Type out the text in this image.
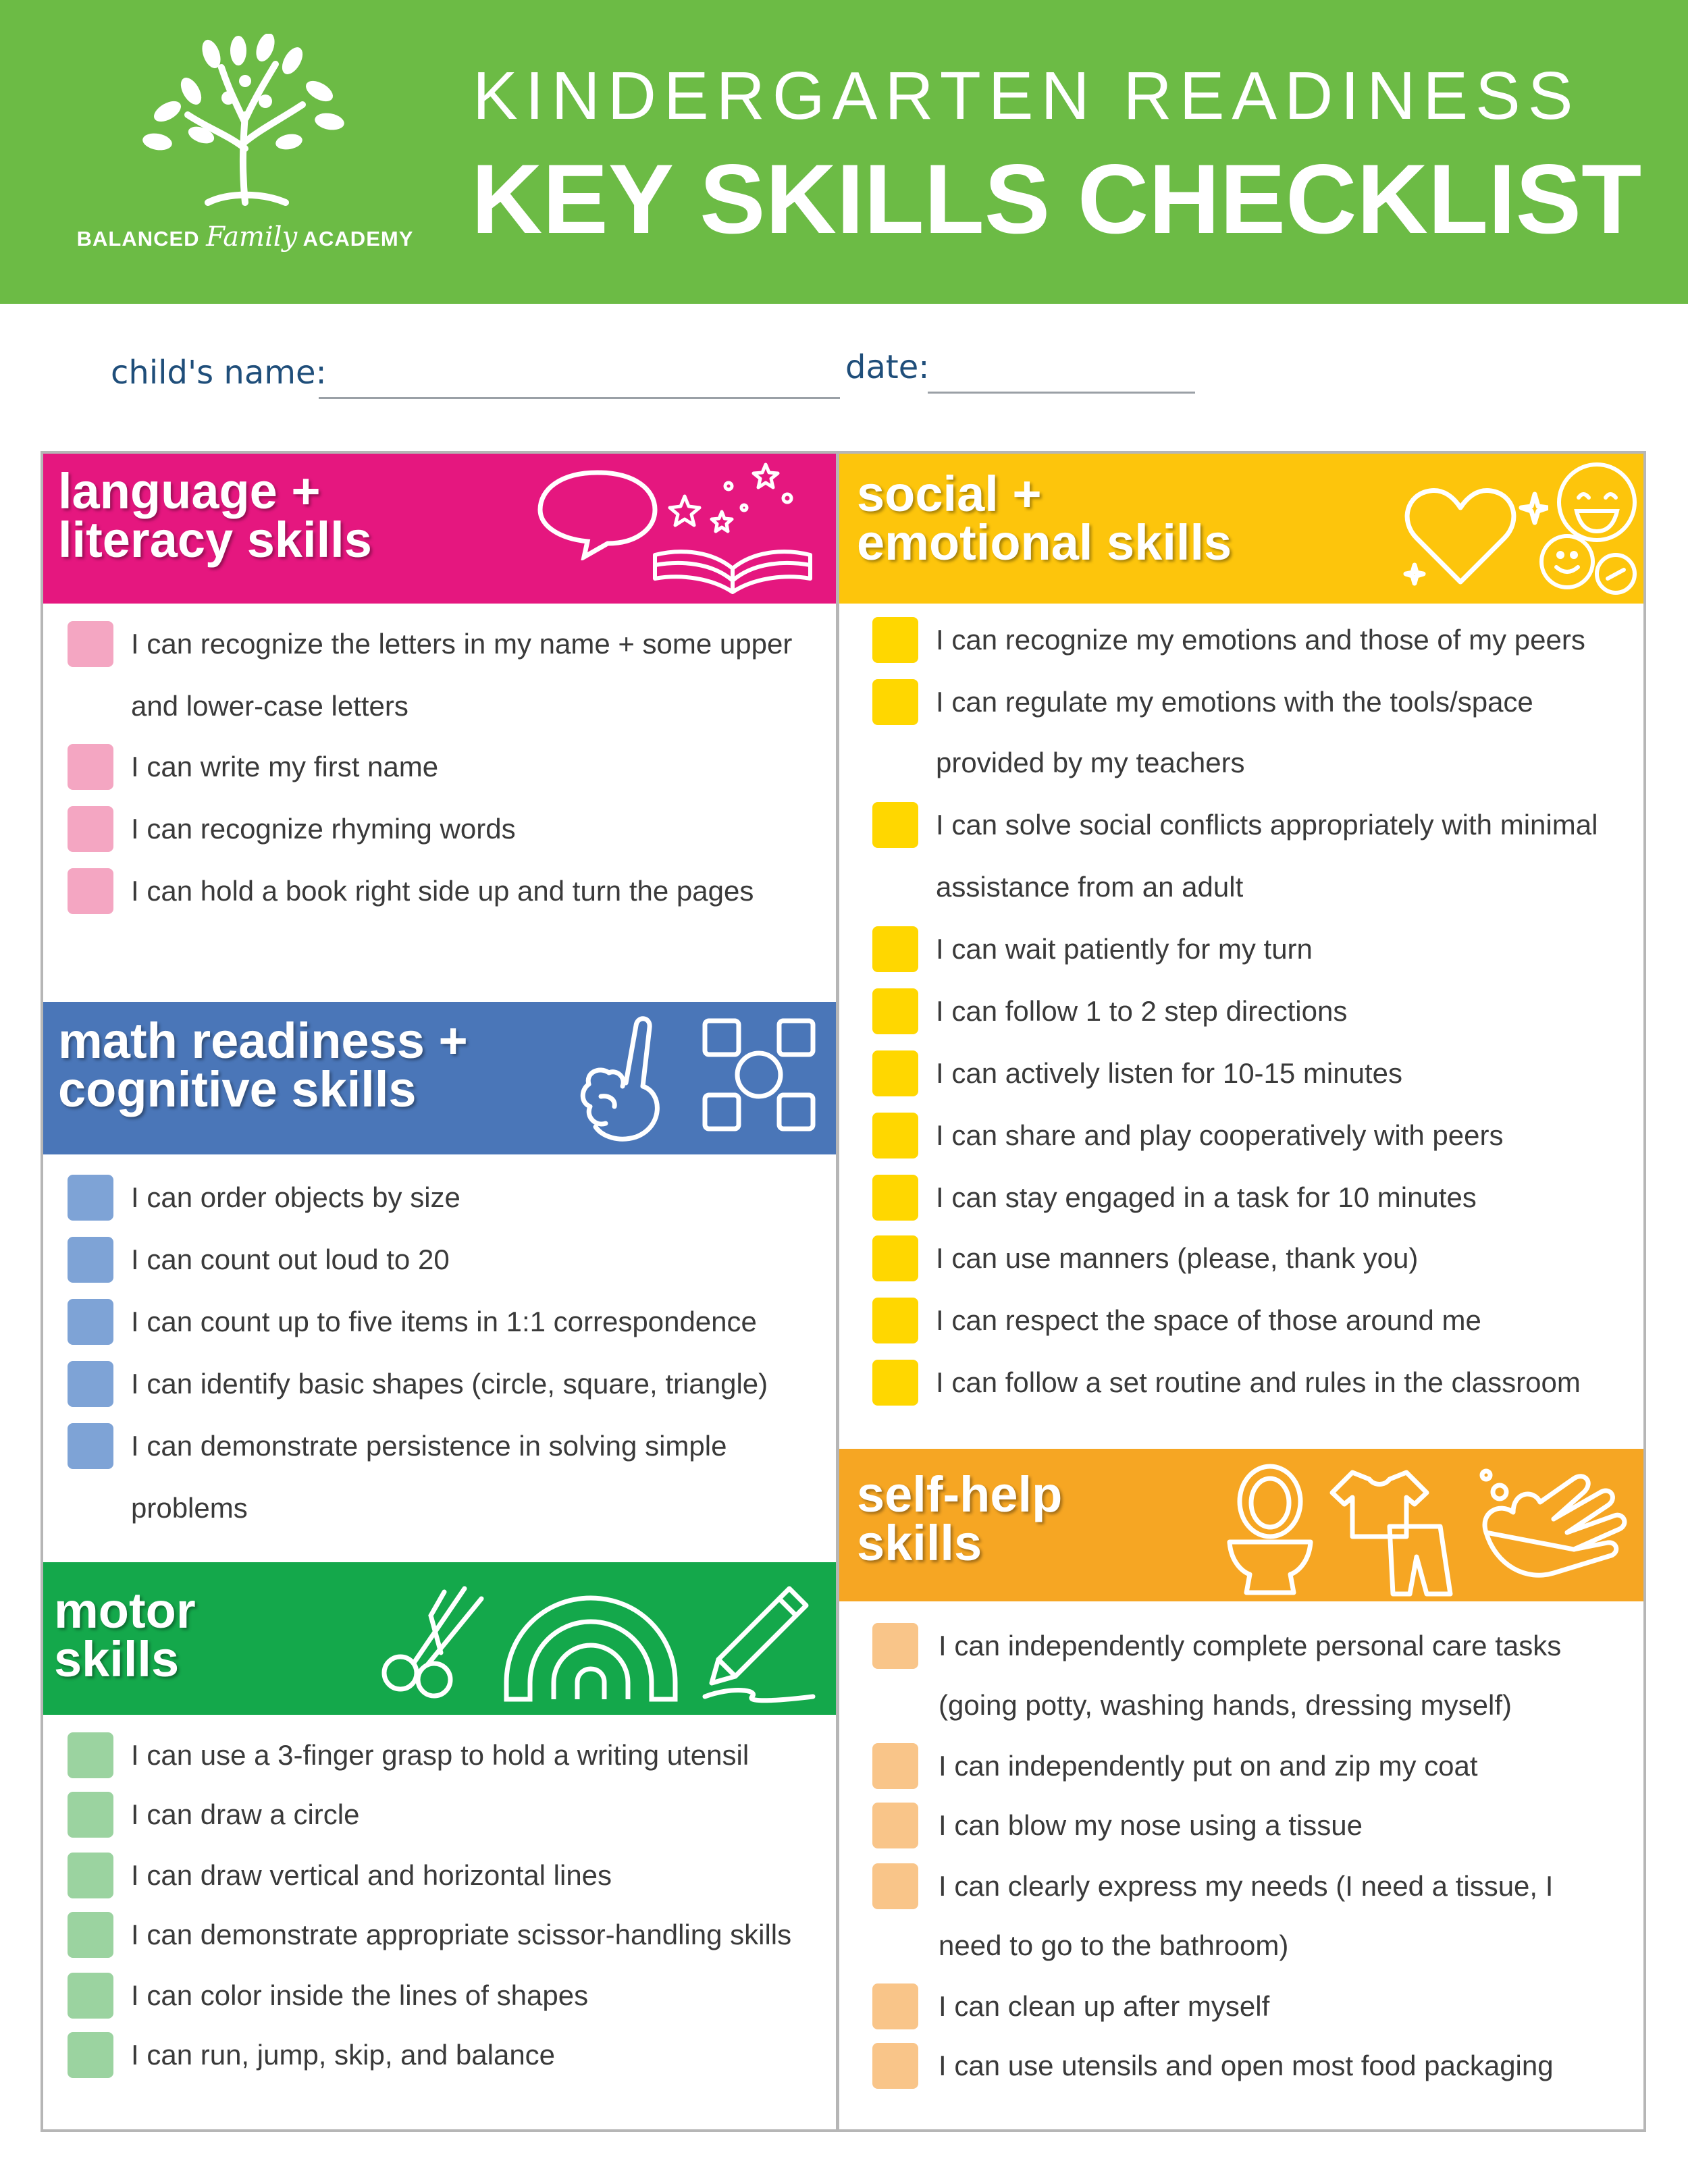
BALANCED Family ACADEMY
KINDERGARTEN READINESS
KEY SKILLS CHECKLIST
child's name:	date:
language +
literacy skills
social +
emotional skills
I can recognize the letters in my name + some upper
and lower-case letters
I can write my first name
I can recognize rhyming words
I can hold a book right side up and turn the pages
math readiness +
cognitive skills
I can order objects by size
I can count out loud to 20
I can count up to five items in 1:1 correspondence
I can identify basic shapes (circle, square, triangle)
I can demonstrate persistence in solving simple
problems
motor
skills
I can use a 3-finger grasp to hold a writing utensil
I can draw a circle
I can draw vertical and horizontal lines
I can demonstrate appropriate scissor-handling skills
I can color inside the lines of shapes
I can run, jump, skip, and balance
I can recognize my emotions and those of my peers
I can regulate my emotions with the tools/space
provided by my teachers
I can solve social conflicts appropriately with minimal
assistance from an adult
I can wait patiently for my turn
I can follow 1 to 2 step directions
I can actively listen for 10-15 minutes
I can share and play cooperatively with peers
I can stay engaged in a task for 10 minutes
I can use manners (please, thank you)
I can respect the space of those around me
I can follow a set routine and rules in the classroom
self-help
skills
I can independently complete personal care tasks
(going potty, washing hands, dressing myself)
I can independently put on and zip my coat
I can blow my nose using a tissue
I can clearly express my needs (I need a tissue, I
need to go to the bathroom)
I can clean up after myself
I can use utensils and open most food packaging
